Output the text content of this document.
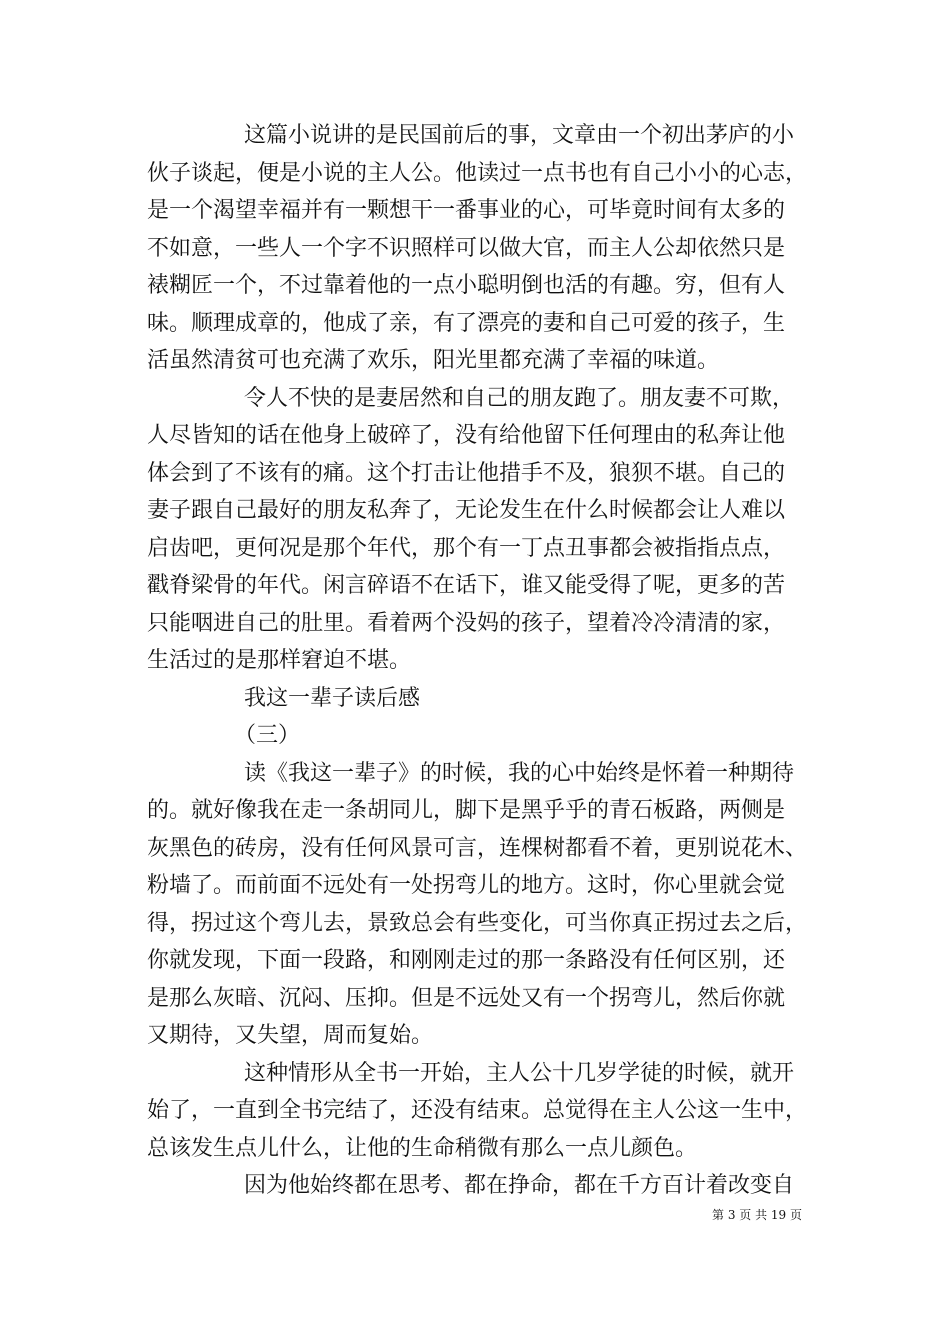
这篇小说讲的是民国前后的事，文章由一个初出茅庐的小
伙子谈起，便是小说的主人公。他读过一点书也有自己小小的心志，
是一个渴望幸福并有一颗想干一番事业的心，可毕竟时间有太多的
不如意，一些人一个字不识照样可以做大官，而主人公却依然只是
裱糊匠一个，不过靠着他的一点小聪明倒也活的有趣。穷，但有人
味。顺理成章的，他成了亲，有了漂亮的妻和自己可爱的孩子，生
活虽然清贫可也充满了欢乐，阳光里都充满了幸福的味道。
令人不快的是妻居然和自己的朋友跑了。朋友妻不可欺，
人尽皆知的话在他身上破碎了，没有给他留下任何理由的私奔让他
体会到了不该有的痛。这个打击让他措手不及，狼狈不堪。自己的
妻子跟自己最好的朋友私奔了，无论发生在什么时候都会让人难以
启齿吧，更何况是那个年代，那个有一丁点丑事都会被指指点点，
戳脊梁骨的年代。闲言碎语不在话下，谁又能受得了呢，更多的苦
只能咽进自己的肚里。看着两个没妈的孩子，望着冷冷清清的家，
生活过的是那样窘迫不堪。
我这一辈子读后感
（三）
读《我这一辈子》的时候，我的心中始终是怀着一种期待
的。就好像我在走一条胡同儿，脚下是黑乎乎的青石板路，两侧是
灰黑色的砖房，没有任何风景可言，连棵树都看不着，更别说花木、
粉墙了。而前面不远处有一处拐弯儿的地方。这时，你心里就会觉
得，拐过这个弯儿去，景致总会有些变化，可当你真正拐过去之后，
你就发现，下面一段路，和刚刚走过的那一条路没有任何区别，还
是那么灰暗、沉闷、压抑。但是不远处又有一个拐弯儿，然后你就
又期待，又失望，周而复始。
这种情形从全书一开始，主人公十几岁学徒的时候，就开
始了，一直到全书完结了，还没有结束。总觉得在主人公这一生中，
总该发生点儿什么，让他的生命稍微有那么一点儿颜色。
因为他始终都在思考、都在挣命，都在千方百计着改变自
第 3 页 共 19 页
